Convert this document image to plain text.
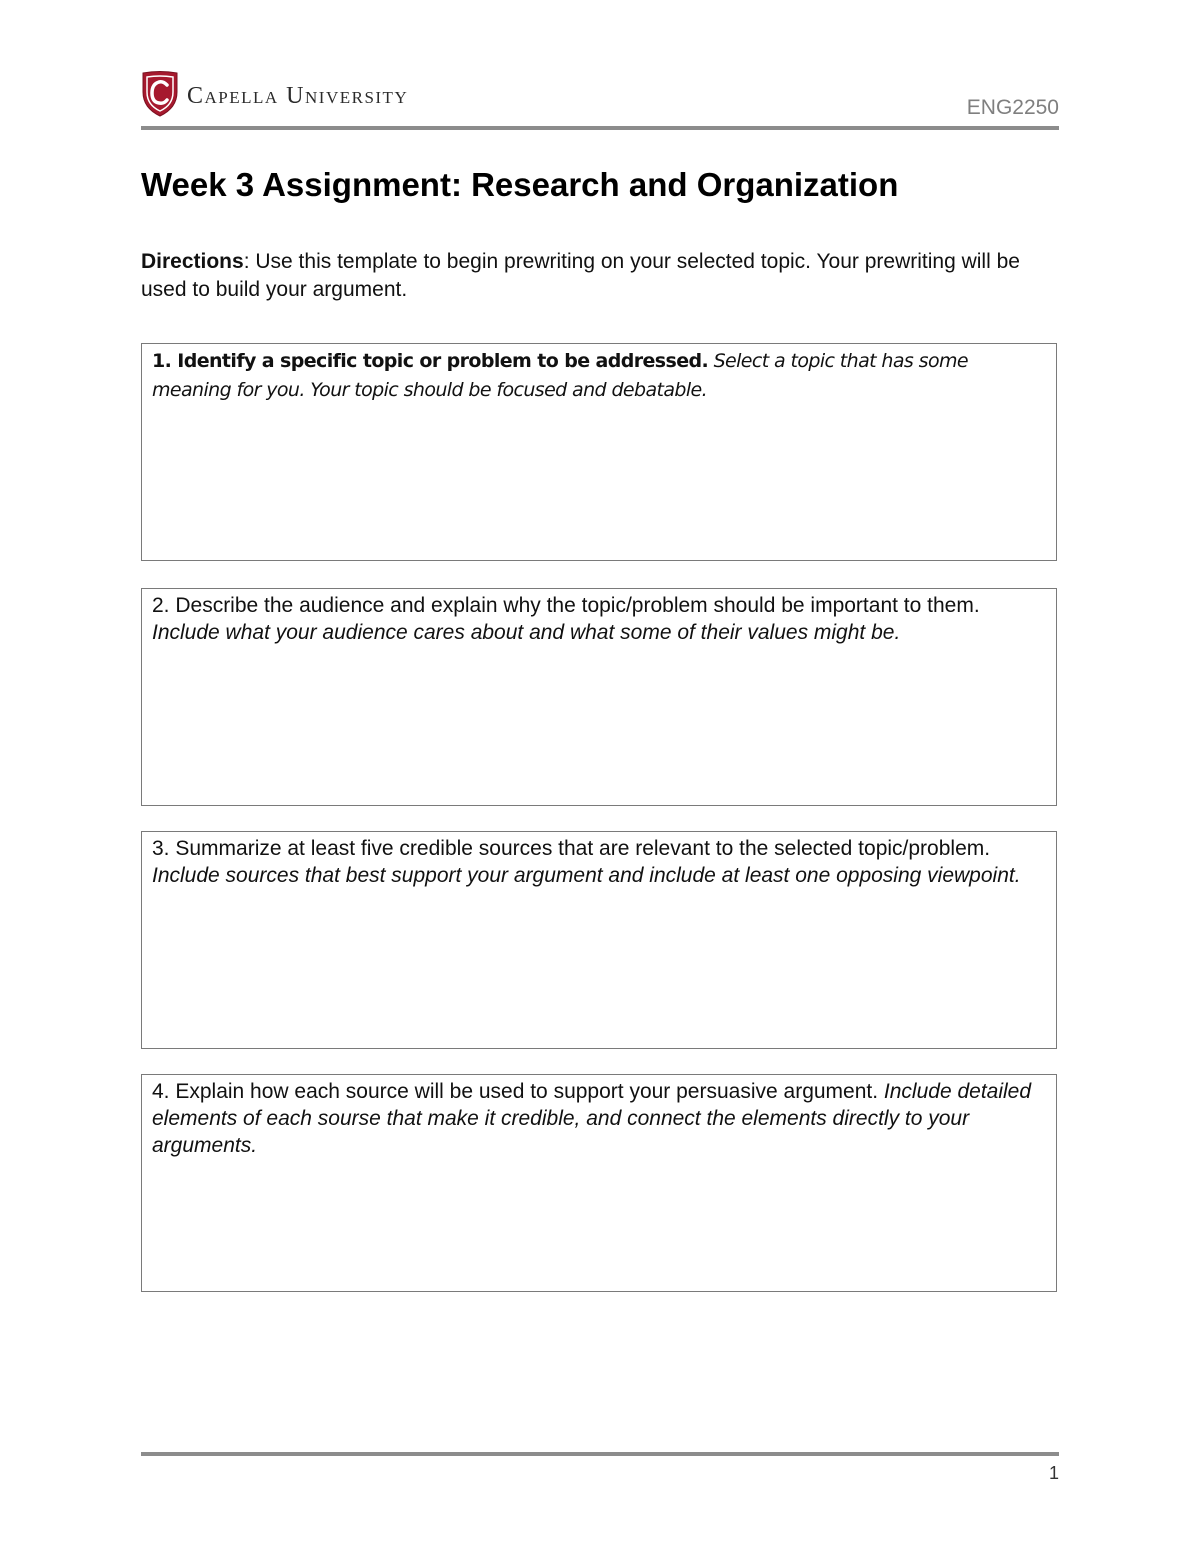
Capella University	ENG2250
Week 3 Assignment: Research and Organization

Directions: Use this template to begin prewriting on your selected topic. Your prewriting will be used to build your argument.

1. Identify a specific topic or problem to be addressed. Select a topic that has some meaning for you. Your topic should be focused and debatable.
2. Describe the audience and explain why the topic/problem should be important to them. Include what your audience cares about and what some of their values might be.
3. Summarize at least five credible sources that are relevant to the selected topic/problem. Include sources that best support your argument and include at least one opposing viewpoint.
4. Explain how each source will be used to support your persuasive argument. Include detailed elements of each sourse that make it credible, and connect the elements directly to your arguments.
1
